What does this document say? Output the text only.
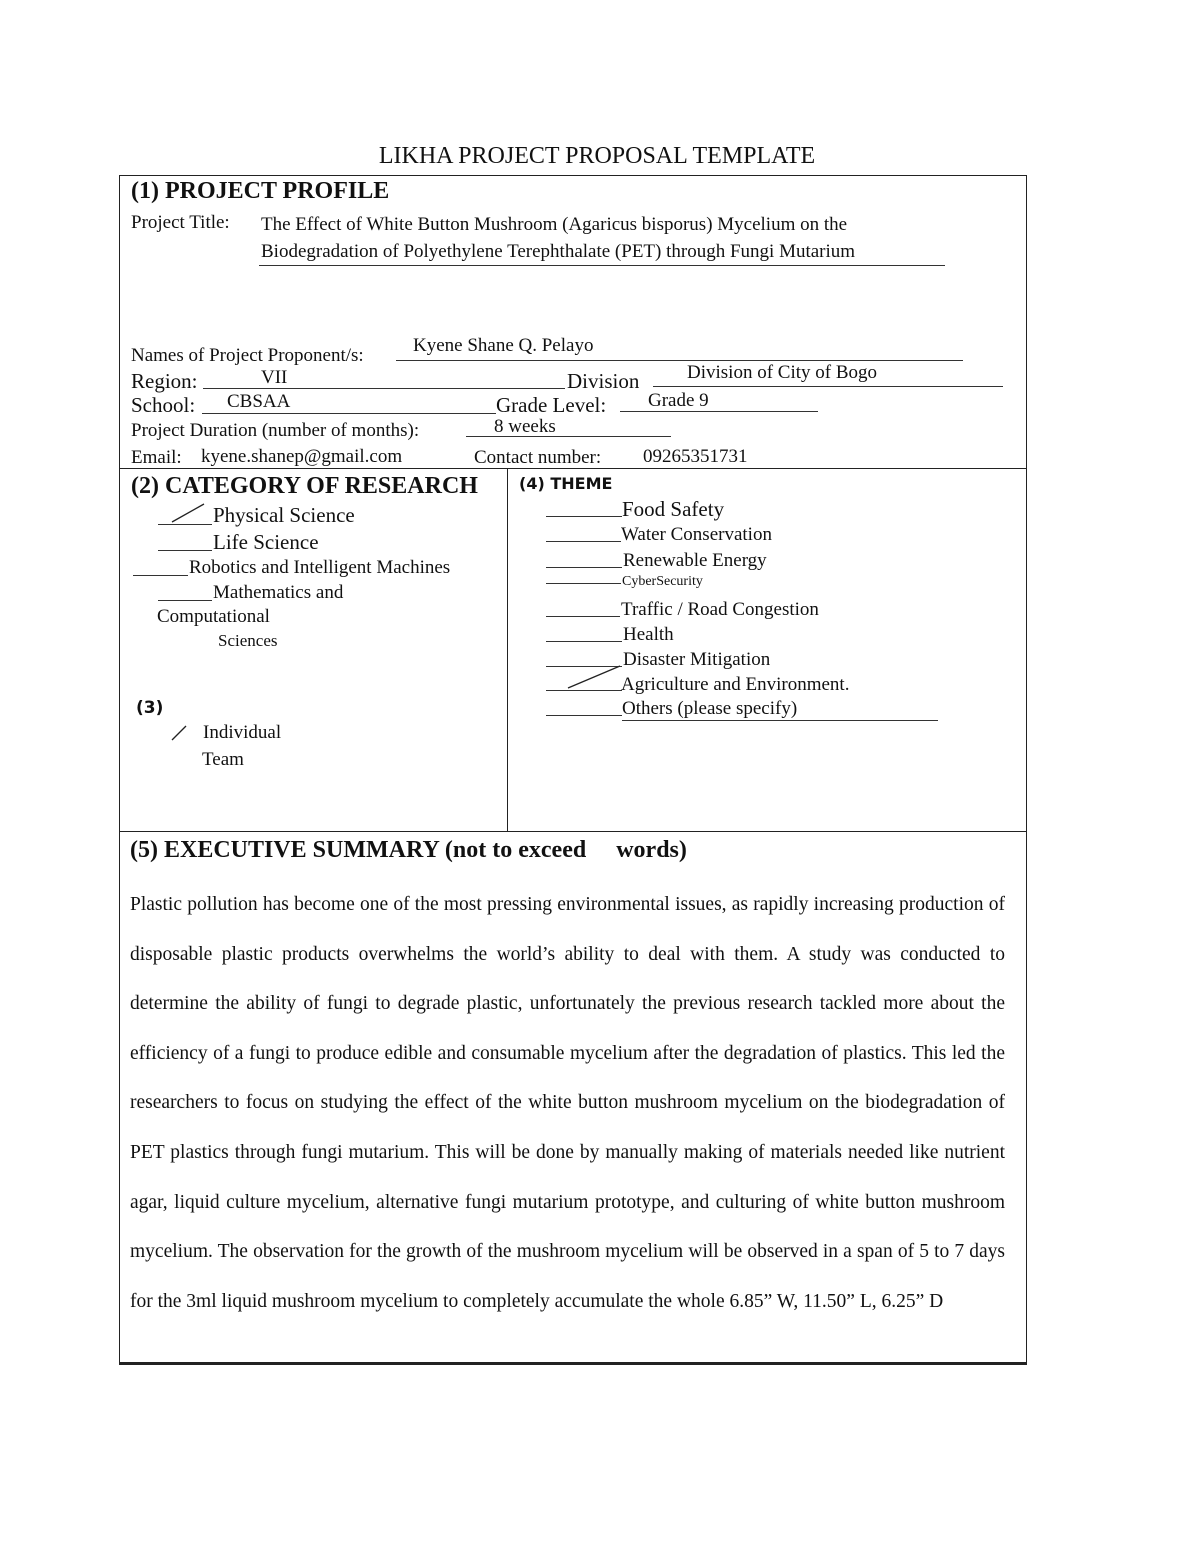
LIKHA PROJECT PROPOSAL TEMPLATE
(1) PROJECT PROFILE
Project Title: The Effect of White Button Mushroom (Agaricus bisporus) Mycelium on the
Biodegradation of Polyethylene Terephthalate (PET) through Fungi Mutarium
Names of Project Proponent/s:	Kyene Shane Q. Pelayo
Region:	VII	Division	Division of City of Bogo
School: CBSAA	Grade Level: Grade 9
Project Duration (number of months):	8 weeks
Email: kyene.shanep@gmail.com	Contact number: 09265351731
(2) CATEGORY OF RESEARCH
Physical Science
Life Science
Robotics and Intelligent Machines
Mathematics and
Computational
Sciences
(3)
Individual
Team
(4) THEME
Food Safety
Water Conservation
Renewable Energy
CyberSecurity
Traffic / Road Congestion
Health
Disaster Mitigation
Agriculture and Environment.
Others (please specify)
(5) EXECUTIVE SUMMARY (not to exceed     words)
Plastic pollution has become one of the most pressing environmental issues, as rapidly increasing production of disposable plastic products overwhelms the world’s ability to deal with them. A study was conducted to determine the ability of fungi to degrade plastic, unfortunately the previous research tackled more about the efficiency of a fungi to produce edible and consumable mycelium after the degradation of plastics. This led the researchers to focus on studying the effect of the white button mushroom mycelium on the biodegradation of PET plastics through fungi mutarium. This will be done by manually making of materials needed like nutrient agar, liquid culture mycelium, alternative fungi mutarium prototype, and culturing of white button mushroom mycelium. The observation for the growth of the mushroom mycelium will be observed in a span of 5 to 7 days for the 3ml liquid mushroom mycelium to completely accumulate the whole 6.85” W, 11.50” L, 6.25” D
